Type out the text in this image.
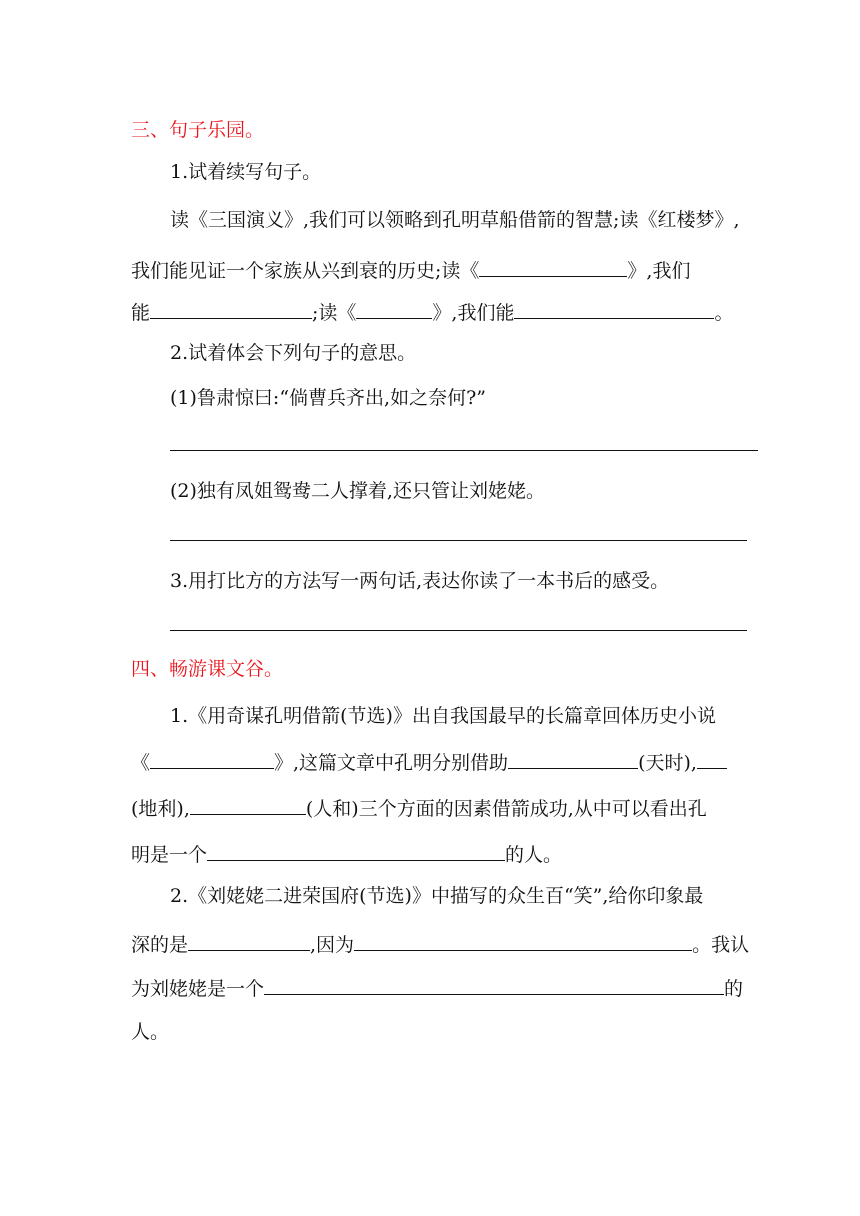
三、句子乐园。
1.试着续写句子。
读《三国演义》,我们可以领略到孔明草船借箭的智慧;读《红楼梦》,
我们能见证一个家族从兴到衰的历史;读《	》,我们
能	;读《	》,我们能	。
2.试着体会下列句子的意思。
(1)鲁肃惊曰:“倘曹兵齐出,如之奈何?”
(2)独有凤姐鸳鸯二人撑着,还只管让刘姥姥。
3.用打比方的方法写一两句话,表达你读了一本书后的感受。
四、畅游课文谷。
1.《用奇谋孔明借箭(节选)》出自我国最早的长篇章回体历史小说
《	》,这篇文章中孔明分别借助	(天时),
(地利),	(人和)三个方面的因素借箭成功,从中可以看出孔
明是一个	的人。
2.《刘姥姥二进荣国府(节选)》中描写的众生百“笑”,给你印象最
深的是	,因为	。我认
为刘姥姥是一个	的
人。
